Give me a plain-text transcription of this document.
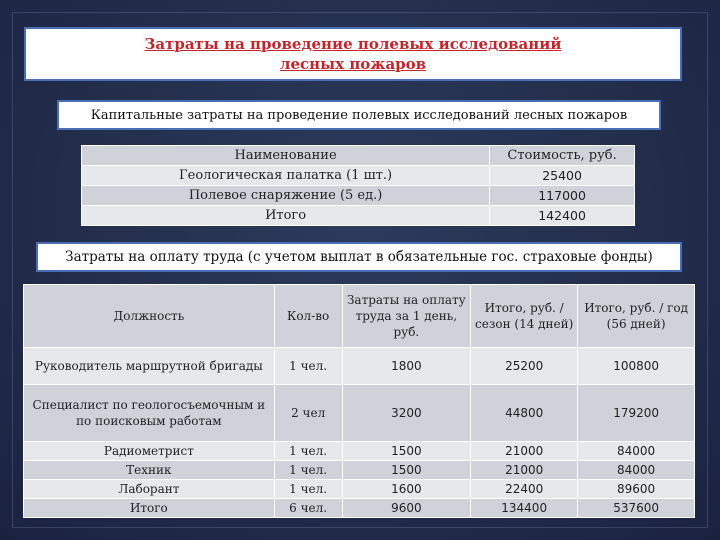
Затраты на проведение полевых исследований
лесных пожаров
Капитальные затраты на проведение полевых исследований лесных пожаров
Наименование	Стоимость, руб.
Геологическая палатка (1 шт.)	25400
Полевое снаряжение (5 ед.)	117000
Итого	142400
Затраты на оплату труда (с учетом выплат в обязательные гос. страховые фонды)
Должность	Кол-во	Затраты на оплату труда за 1 день, руб.	Итого, руб. / сезон (14 дней)	Итого, руб. / год (56 дней)
Руководитель маршрутной бригады	1 чел.	1800	25200	100800
Специалист по геологосъемочным и по поисковым работам	2 чел	3200	44800	179200
Радиометрист	1 чел.	1500	21000	84000
Техник	1 чел.	1500	21000	84000
Лаборант	1 чел.	1600	22400	89600
Итого	6 чел.	9600	134400	537600
